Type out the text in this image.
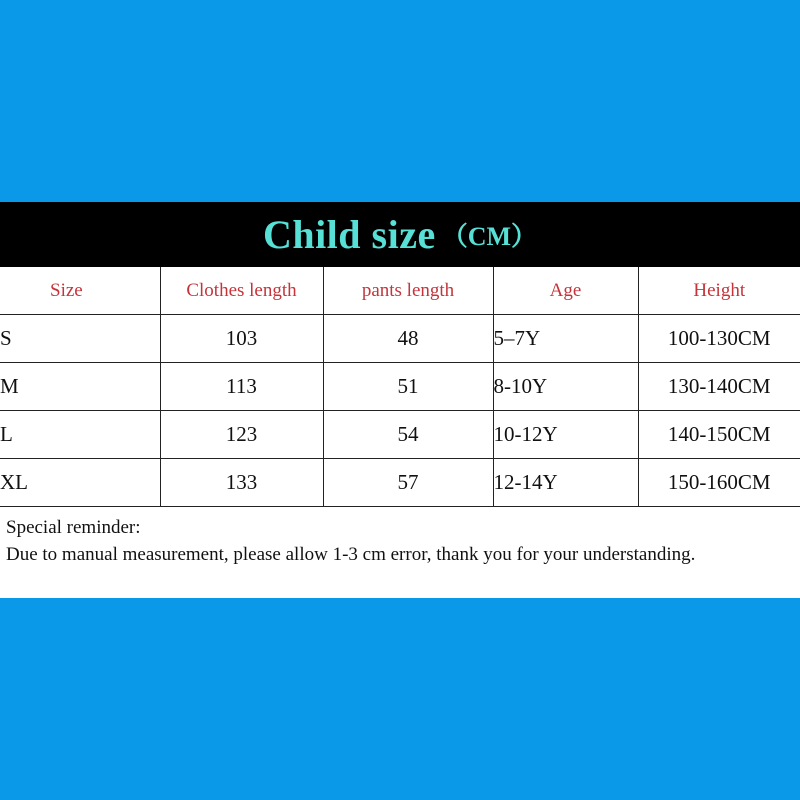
Child size （CM）
Size	Clothes length	pants length	Age	Height
S	103	48	5–7Y	100-130CM
M	113	51	8-10Y	130-140CM
L	123	54	10-12Y	140-150CM
XL	133	57	12-14Y	150-160CM

Special reminder:

Due to manual measurement, please allow 1-3 cm error, thank you for your understanding.
